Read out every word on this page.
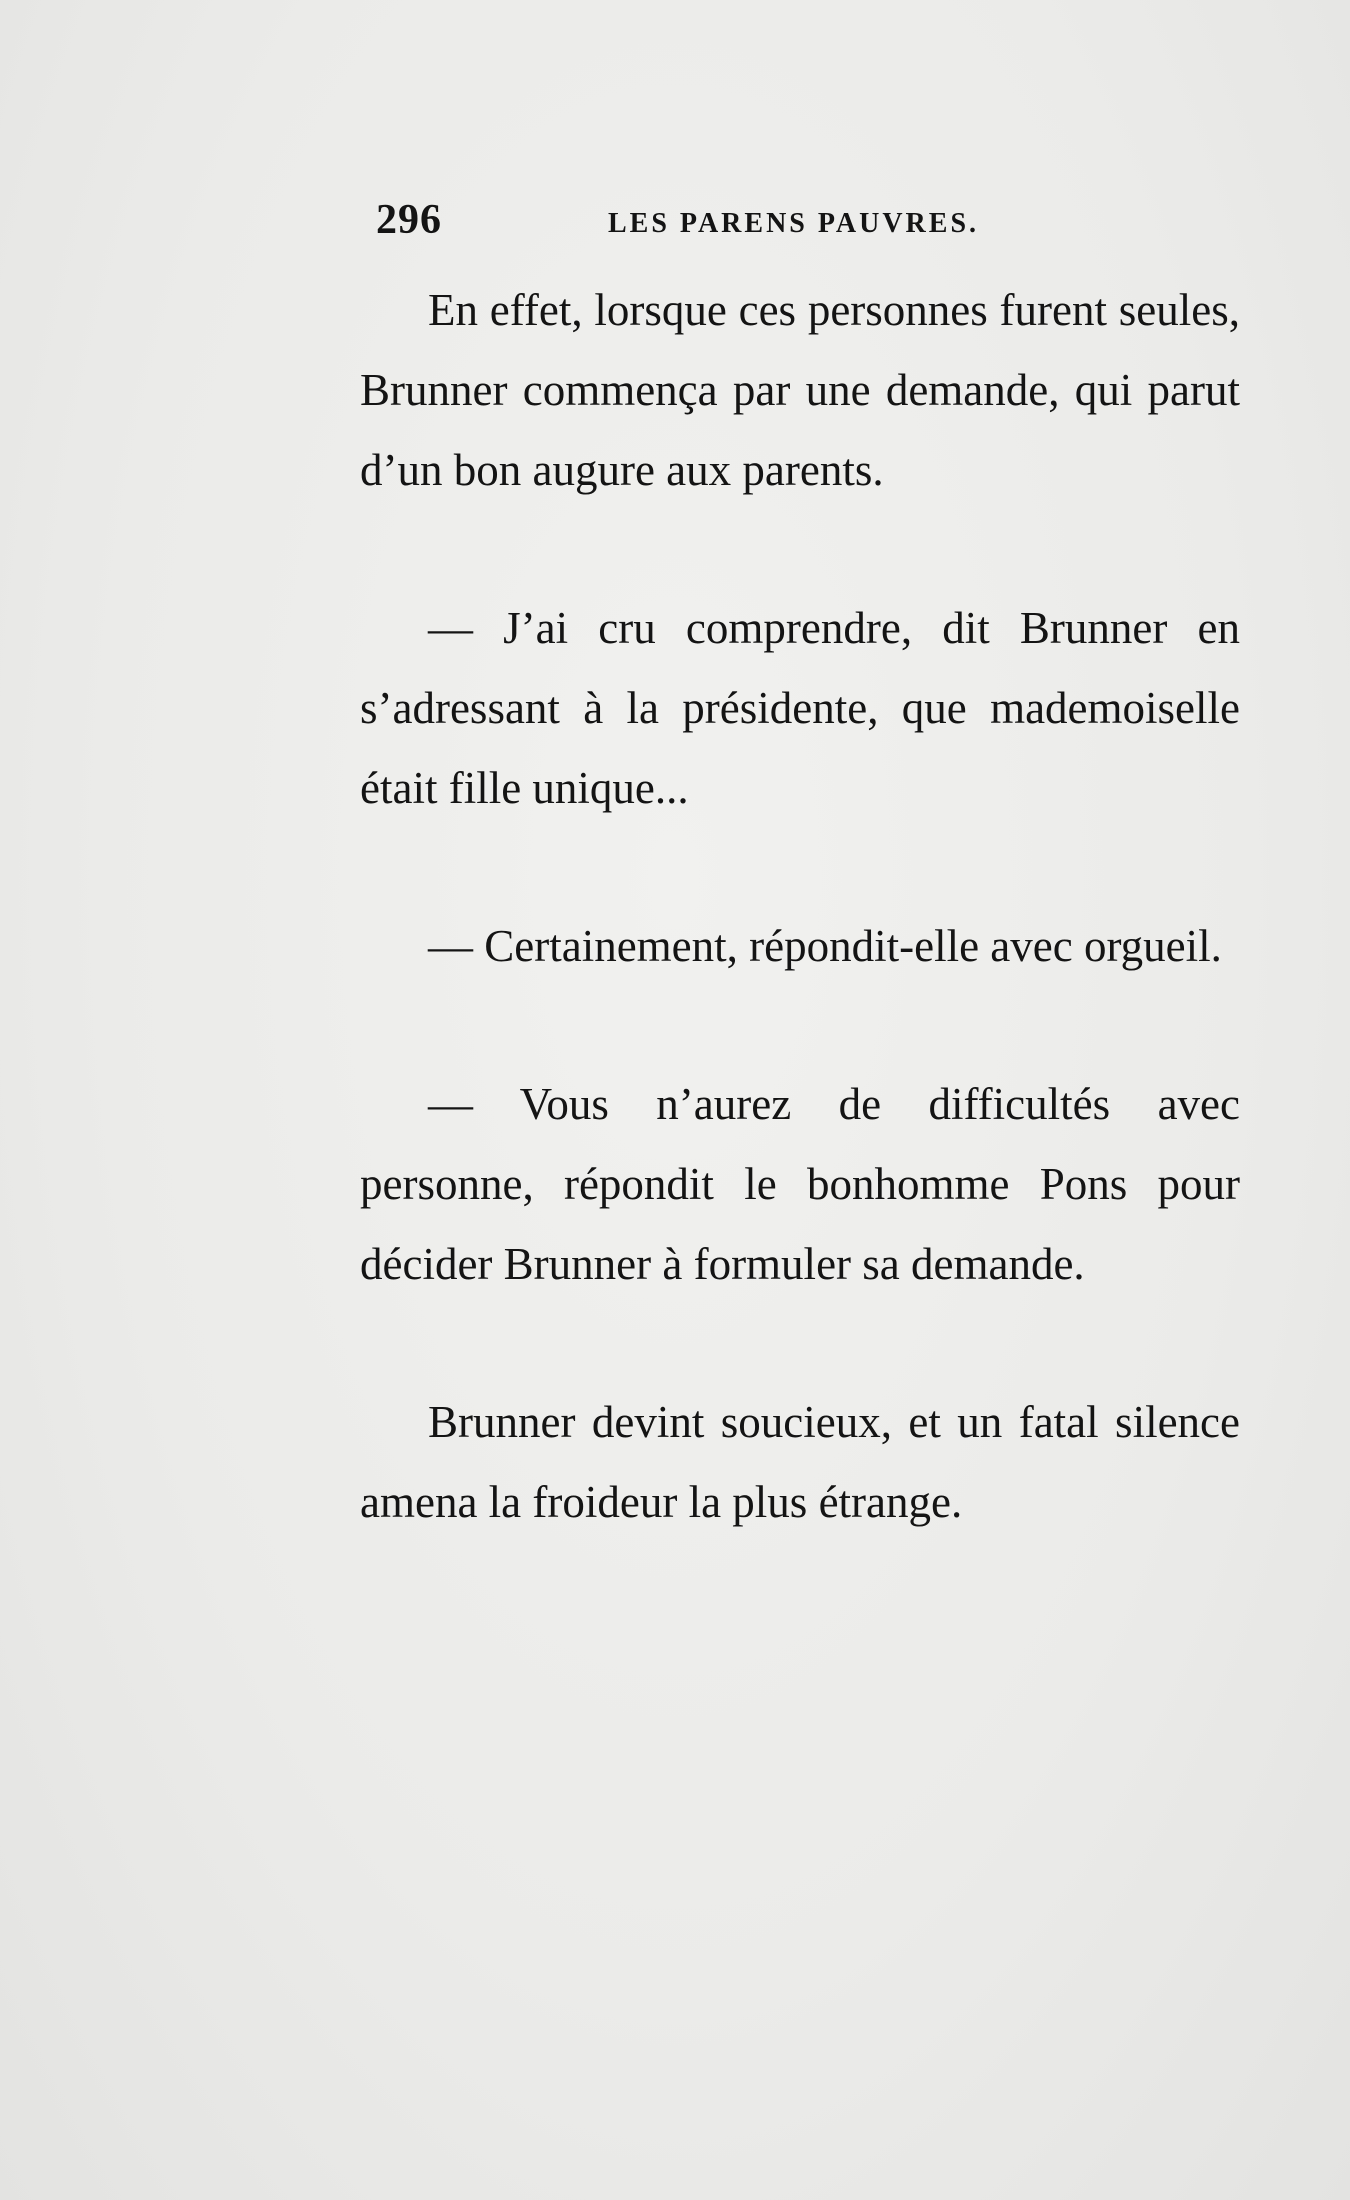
296	LES PARENS PAUVRES.

En effet, lorsque ces personnes furent seules, Brunner commença par une demande, qui parut d’un bon augure aux parents.

— J’ai cru comprendre, dit Brunner en s’adressant à la présidente, que mademoiselle était fille unique...

— Certainement, répondit-elle avec orgueil.

— Vous n’aurez de difficultés avec personne, répondit le bonhomme Pons pour décider Brunner à formuler sa demande.

Brunner devint soucieux, et un fatal silence amena la froideur la plus étrange.
